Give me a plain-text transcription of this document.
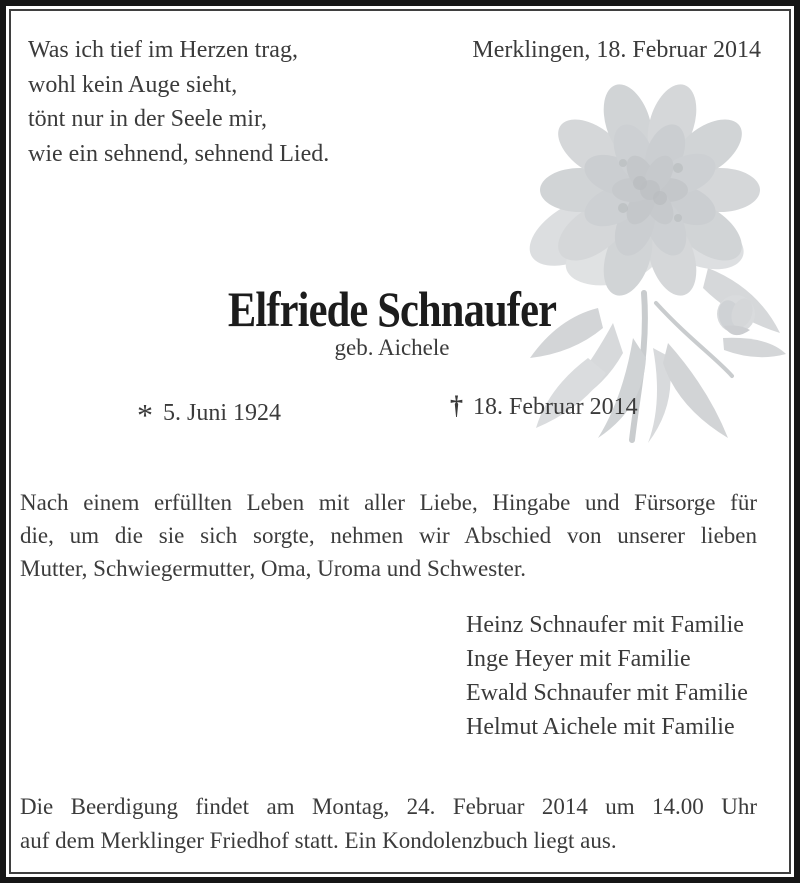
Was ich tief im Herzen trag,
wohl kein Auge sieht,
tönt nur in der Seele mir,
wie ein sehnend, sehnend Lied.
Merklingen, 18. Februar 2014
Elfriede Schnaufer
geb. Aichele
* 5. Juni 1924	† 18. Februar 2014
Nach einem erfüllten Leben mit aller Liebe, Hingabe und Fürsorge für
die, um die sie sich sorgte, nehmen wir Abschied von unserer lieben
Mutter, Schwiegermutter, Oma, Uroma und Schwester.
Heinz Schnaufer mit Familie
Inge Heyer mit Familie
Ewald Schnaufer mit Familie
Helmut Aichele mit Familie
Die Beerdigung findet am Montag, 24. Februar 2014 um 14.00 Uhr
auf dem Merklinger Friedhof statt. Ein Kondolenzbuch liegt aus.
